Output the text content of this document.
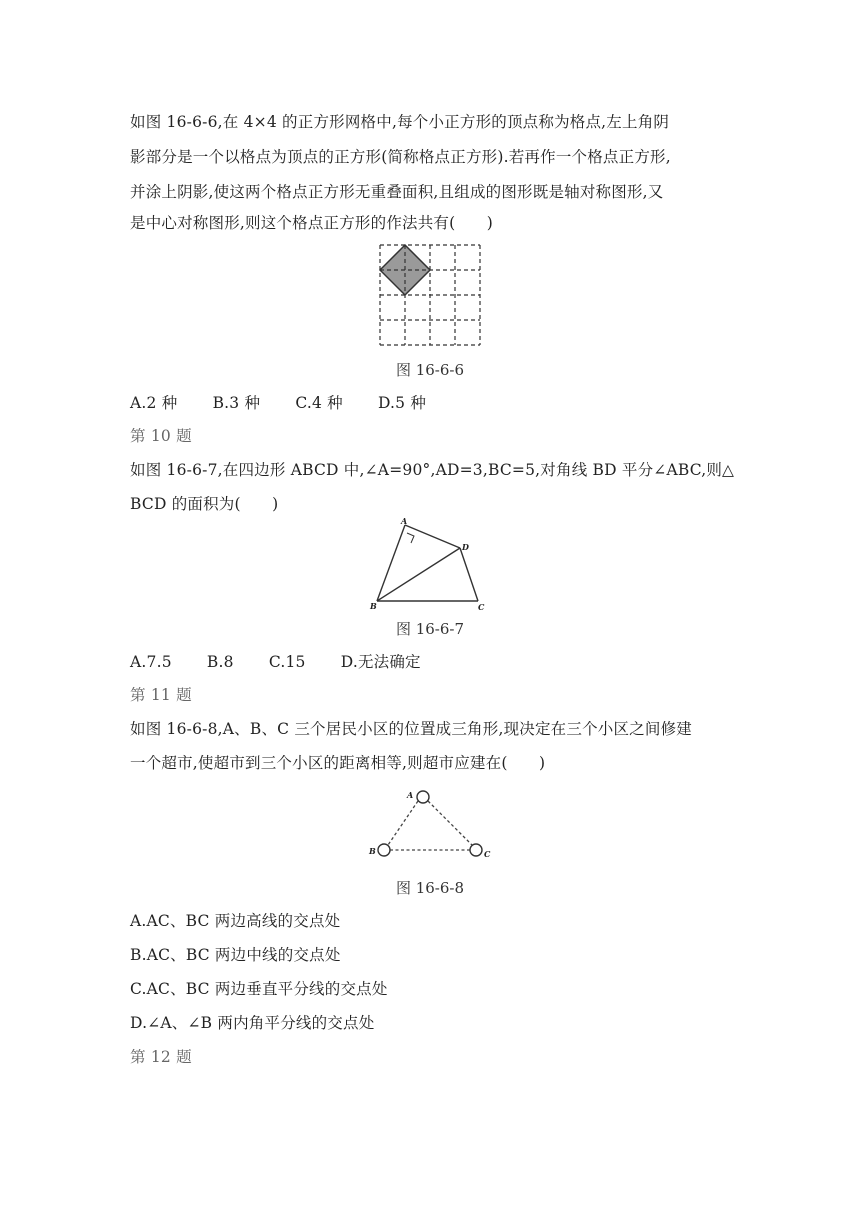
如图 16-6-6,在 4×4 的正方形网格中,每个小正方形的顶点称为格点,左上角阴
影部分是一个以格点为顶点的正方形(简称格点正方形).若再作一个格点正方形,
并涂上阴影,使这两个格点正方形无重叠面积,且组成的图形既是轴对称图形,又
是中心对称图形,则这个格点正方形的作法共有(　　)
图 16-6-6
A.2 种 B.3 种 C.4 种 D.5 种
第 10 题
如图 16-6-7,在四边形 ABCD 中,∠A=90°,AD=3,BC=5,对角线 BD 平分∠ABC,则△
BCD 的面积为(　　)
A
D
B	C
图 16-6-7
A.7.5 B.8 C.15 D.无法确定
第 11 题
如图 16-6-8,A、B、C 三个居民小区的位置成三角形,现决定在三个小区之间修建
一个超市,使超市到三个小区的距离相等,则超市应建在(　　)
A
B	C
图 16-6-8
A.AC、BC 两边高线的交点处
B.AC、BC 两边中线的交点处
C.AC、BC 两边垂直平分线的交点处
D.∠A、∠B 两内角平分线的交点处
第 12 题
